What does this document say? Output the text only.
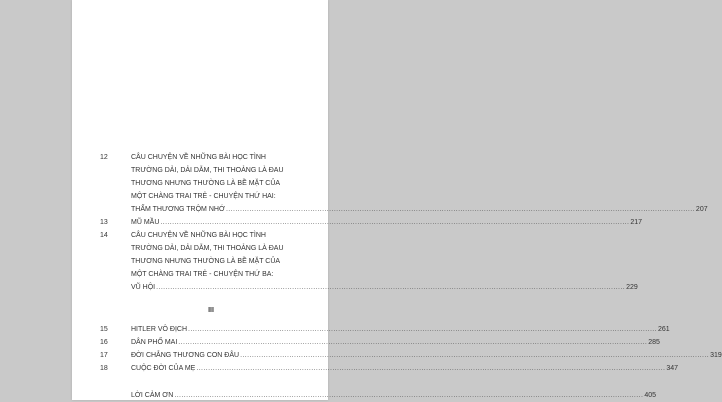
12	CÂU CHUYỆN VỀ NHỮNG BÀI HỌC TÌNH
TRƯỜNG DẢI, DẢI DẰM, THI THOẢNG LÀ ĐAU
THƯƠNG NHƯNG THƯỜNG LÀ BỀ MẶT CỦA
MỘT CHÀNG TRAI TRẺ - CHUYỆN THỨ HAI:
THẨM THƯƠNG TRỘM NHỚ ........................................................................................................................................................................................................ 207
13	MŨ MẦU ........................................................................................................................................................................................................ 217
14	CÂU CHUYỆN VỀ NHỮNG BÀI HỌC TÌNH
TRƯỜNG DẢI, DẢI DẰM, THI THOẢNG LÀ ĐAU
THƯƠNG NHƯNG THƯỜNG LÀ BỀ MẶT CỦA
MỘT CHÀNG TRAI TRẺ - CHUYỆN THỨ BA:
VŨ HỘI ........................................................................................................................................................................................................ 229
III
15	HITLER VÔ ĐỊCH ........................................................................................................................................................................................................ 261
16	DÂN PHỐ MAI ........................................................................................................................................................................................................ 285
17	ĐỜI CHẲNG THƯƠNG CON ĐÂU ........................................................................................................................................................................................................ 319
18	CUỘC ĐỜI CỦA MẸ ........................................................................................................................................................................................................ 347
LỜI CẢM ƠN ........................................................................................................................................................................................................ 405
